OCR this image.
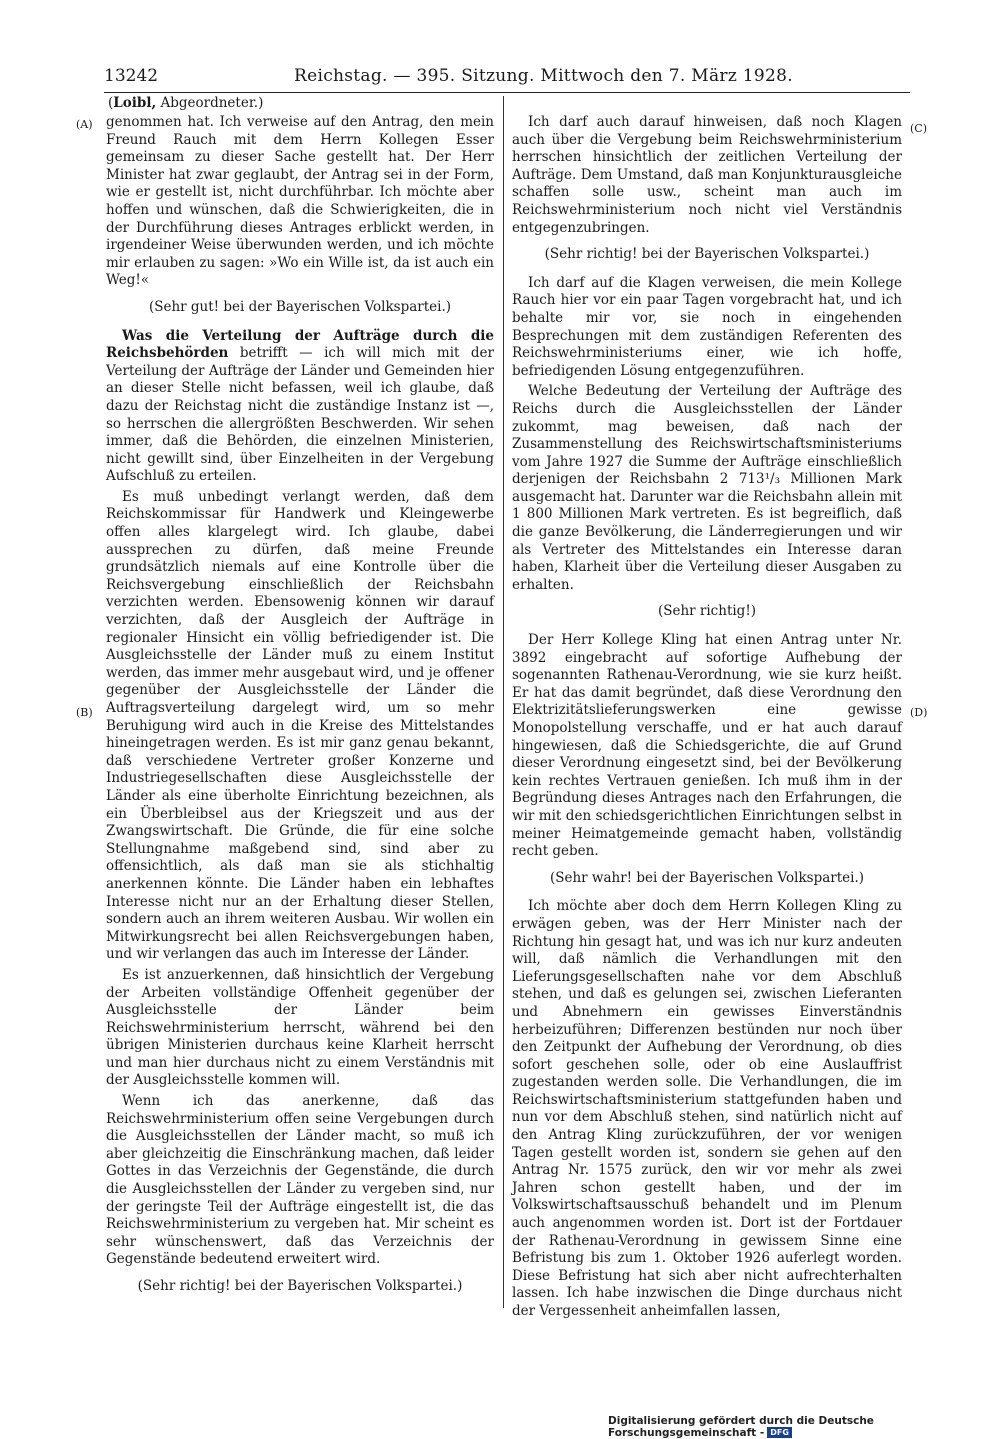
13242	Reichstag. — 395. Sitzung. Mittwoch den 7. März 1928.
(Loibl, Abgeordneter.)
(A)
(B)
(C)
(D)

genommen hat. Ich verweise auf den Antrag, den mein Freund Rauch mit dem Herrn Kollegen Esser gemeinsam zu dieser Sache gestellt hat. Der Herr Minister hat zwar geglaubt, der Antrag sei in der Form, wie er gestellt ist, nicht durchführbar. Ich möchte aber hoffen und wünschen, daß die Schwierigkeiten, die in der Durchführung dieses Antrages erblickt werden, in irgendeiner Weise überwunden werden, und ich möchte mir erlauben zu sagen: »Wo ein Wille ist, da ist auch ein Weg!«

(Sehr gut! bei der Bayerischen Volkspartei.)

Was die Verteilung der Aufträge durch die Reichsbehörden betrifft — ich will mich mit der Verteilung der Aufträge der Länder und Gemeinden hier an dieser Stelle nicht befassen, weil ich glaube, daß dazu der Reichstag nicht die zuständige Instanz ist —, so herrschen die allergrößten Beschwerden. Wir sehen immer, daß die Behörden, die einzelnen Ministerien, nicht gewillt sind, über Einzelheiten in der Vergebung Aufschluß zu erteilen.

Es muß unbedingt verlangt werden, daß dem Reichskommissar für Handwerk und Kleingewerbe offen alles klargelegt wird. Ich glaube, dabei aussprechen zu dürfen, daß meine Freunde grundsätzlich niemals auf eine Kontrolle über die Reichsvergebung einschließlich der Reichsbahn verzichten werden. Ebensowenig können wir darauf verzichten, daß der Ausgleich der Aufträge in regionaler Hinsicht ein völlig befriedigender ist. Die Ausgleichsstelle der Länder muß zu einem Institut werden, das immer mehr ausgebaut wird, und je offener gegenüber der Ausgleichsstelle der Länder die Auftragsverteilung dargelegt wird, um so mehr Beruhigung wird auch in die Kreise des Mittelstandes hineingetragen werden. Es ist mir ganz genau bekannt, daß verschiedene Vertreter großer Konzerne und Industriegesellschaften diese Ausgleichsstelle der Länder als eine überholte Einrichtung bezeichnen, als ein Überbleibsel aus der Kriegszeit und aus der Zwangswirtschaft. Die Gründe, die für eine solche Stellungnahme maßgebend sind, sind aber zu offensichtlich, als daß man sie als stichhaltig anerkennen könnte. Die Länder haben ein lebhaftes Interesse nicht nur an der Erhaltung dieser Stellen, sondern auch an ihrem weiteren Ausbau. Wir wollen ein Mitwirkungsrecht bei allen Reichsvergebungen haben, und wir verlangen das auch im Interesse der Länder.

Es ist anzuerkennen, daß hinsichtlich der Vergebung der Arbeiten vollständige Offenheit gegenüber der Ausgleichsstelle der Länder beim Reichswehrministerium herrscht, während bei den übrigen Ministerien durchaus keine Klarheit herrscht und man hier durchaus nicht zu einem Verständnis mit der Ausgleichsstelle kommen will.

Wenn ich das anerkenne, daß das Reichswehrministerium offen seine Vergebungen durch die Ausgleichsstellen der Länder macht, so muß ich aber gleichzeitig die Einschränkung machen, daß leider Gottes in das Verzeichnis der Gegenstände, die durch die Ausgleichsstellen der Länder zu vergeben sind, nur der geringste Teil der Aufträge eingestellt ist, die das Reichswehrministerium zu vergeben hat. Mir scheint es sehr wünschenswert, daß das Verzeichnis der Gegenstände bedeutend erweitert wird.

(Sehr richtig! bei der Bayerischen Volkspartei.)

Ich darf auch darauf hinweisen, daß noch Klagen auch über die Vergebung beim Reichswehrministerium herrschen hinsichtlich der zeitlichen Verteilung der Aufträge. Dem Umstand, daß man Konjunkturausgleiche schaffen solle usw., scheint man auch im Reichswehrministerium noch nicht viel Verständnis entgegenzubringen.

(Sehr richtig! bei der Bayerischen Volkspartei.)

Ich darf auf die Klagen verweisen, die mein Kollege Rauch hier vor ein paar Tagen vorgebracht hat, und ich behalte mir vor, sie noch in eingehenden Besprechungen mit dem zuständigen Referenten des Reichswehrministeriums einer, wie ich hoffe, befriedigenden Lösung entgegenzuführen.

Welche Bedeutung der Verteilung der Aufträge des Reichs durch die Ausgleichsstellen der Länder zukommt, mag beweisen, daß nach der Zusammenstellung des Reichswirtschaftsministeriums vom Jahre 1927 die Summe der Aufträge einschließlich derjenigen der Reichsbahn 2 713¹/₃ Millionen Mark ausgemacht hat. Darunter war die Reichsbahn allein mit 1 800 Millionen Mark vertreten. Es ist begreiflich, daß die ganze Bevölkerung, die Länderregierungen und wir als Vertreter des Mittelstandes ein Interesse daran haben, Klarheit über die Verteilung dieser Ausgaben zu erhalten.

(Sehr richtig!)

Der Herr Kollege Kling hat einen Antrag unter Nr. 3892 eingebracht auf sofortige Aufhebung der sogenannten Rathenau-Verordnung, wie sie kurz heißt. Er hat das damit begründet, daß diese Verordnung den Elektrizitätslieferungswerken eine gewisse Monopolstellung verschaffe, und er hat auch darauf hingewiesen, daß die Schiedsgerichte, die auf Grund dieser Verordnung eingesetzt sind, bei der Bevölkerung kein rechtes Vertrauen genießen. Ich muß ihm in der Begründung dieses Antrages nach den Erfahrungen, die wir mit den schiedsgerichtlichen Einrichtungen selbst in meiner Heimatgemeinde gemacht haben, vollständig recht geben.

(Sehr wahr! bei der Bayerischen Volkspartei.)

Ich möchte aber doch dem Herrn Kollegen Kling zu erwägen geben, was der Herr Minister nach der Richtung hin gesagt hat, und was ich nur kurz andeuten will, daß nämlich die Verhandlungen mit den Lieferungsgesellschaften nahe vor dem Abschluß stehen, und daß es gelungen sei, zwischen Lieferanten und Abnehmern ein gewisses Einverständnis herbeizuführen; Differenzen bestünden nur noch über den Zeitpunkt der Aufhebung der Verordnung, ob dies sofort geschehen solle, oder ob eine Auslauffrist zugestanden werden solle. Die Verhandlungen, die im Reichswirtschaftsministerium stattgefunden haben und nun vor dem Abschluß stehen, sind natürlich nicht auf den Antrag Kling zurückzuführen, der vor wenigen Tagen gestellt worden ist, sondern sie gehen auf den Antrag Nr. 1575 zurück, den wir vor mehr als zwei Jahren schon gestellt haben, und der im Volkswirtschaftsausschuß behandelt und im Plenum auch angenommen worden ist. Dort ist der Fortdauer der Rathenau-Verordnung in gewissem Sinne eine Befristung bis zum 1. Oktober 1926 auferlegt worden. Diese Befristung hat sich aber nicht aufrechterhalten lassen. Ich habe inzwischen die Dinge durchaus nicht der Vergessenheit anheimfallen lassen,

Digitalisierung gefördert durch die Deutsche Forschungsgemeinschaft - DFG
